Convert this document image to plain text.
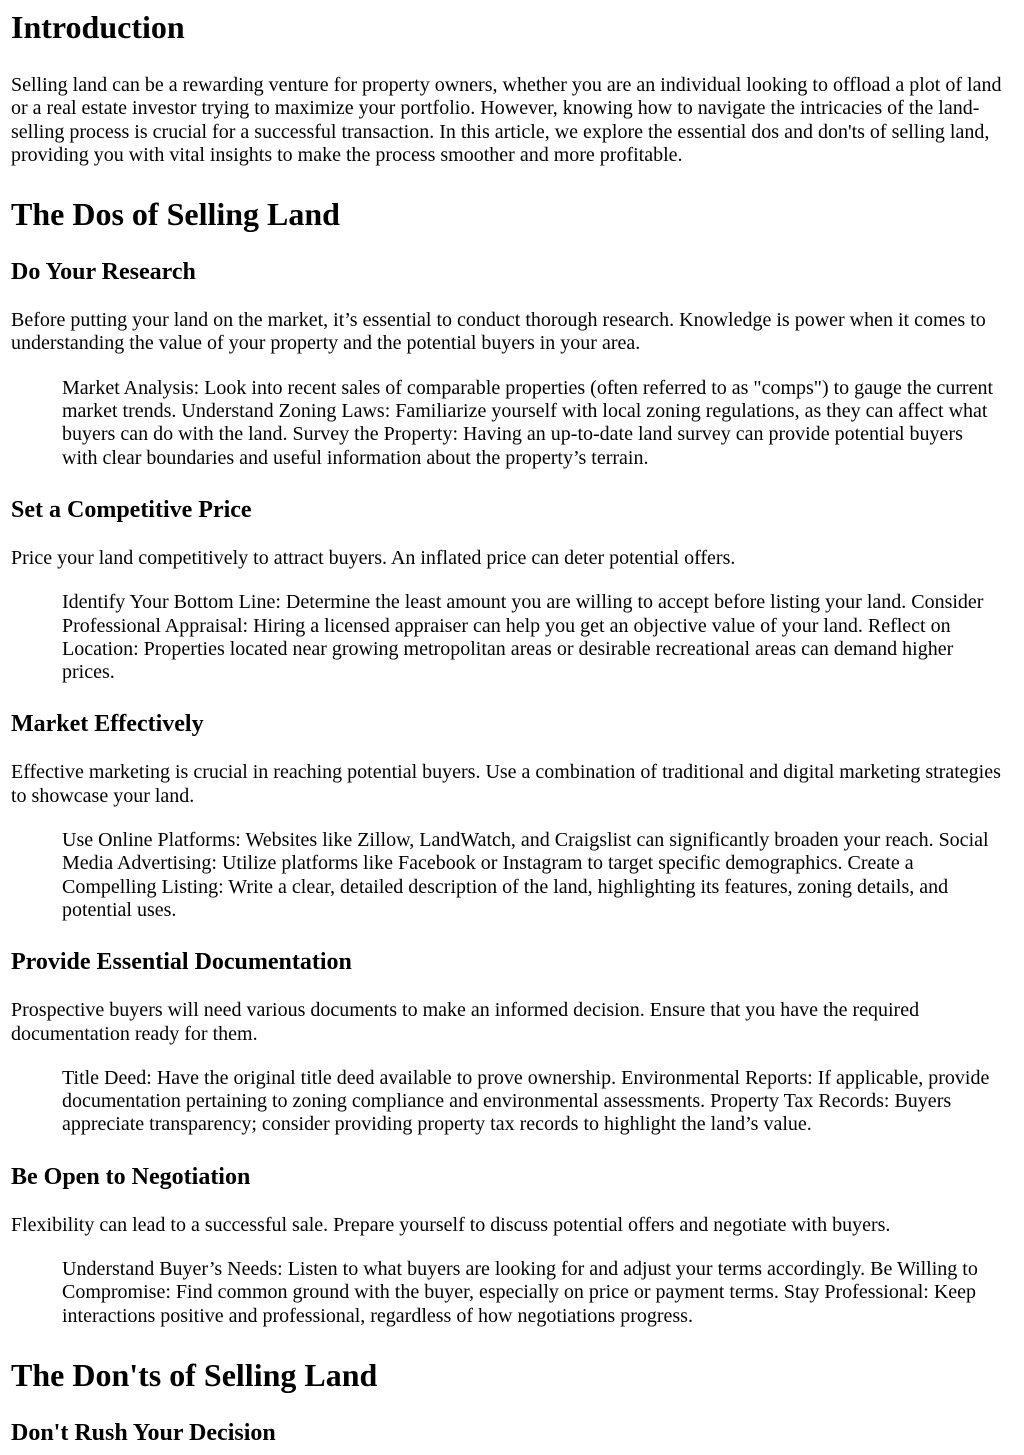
Introduction

Selling land can be a rewarding venture for property owners, whether you are an individual looking to offload a plot of land or a real estate investor trying to maximize your portfolio. However, knowing how to navigate the intricacies of the land-selling process is crucial for a successful transaction. In this article, we explore the essential dos and don'ts of selling land, providing you with vital insights to make the process smoother and more profitable.

The Dos of Selling Land
Do Your Research

Before putting your land on the market, it’s essential to conduct thorough research. Knowledge is power when it comes to understanding the value of your property and the potential buyers in your area.

Market Analysis: Look into recent sales of comparable properties (often referred to as "comps") to gauge the current market trends. Understand Zoning Laws: Familiarize yourself with local zoning regulations, as they can affect what buyers can do with the land. Survey the Property: Having an up-to-date land survey can provide potential buyers with clear boundaries and useful information about the property’s terrain.
Set a Competitive Price

Price your land competitively to attract buyers. An inflated price can deter potential offers.

Identify Your Bottom Line: Determine the least amount you are willing to accept before listing your land. Consider Professional Appraisal: Hiring a licensed appraiser can help you get an objective value of your land. Reflect on Location: Properties located near growing metropolitan areas or desirable recreational areas can demand higher prices.
Market Effectively

Effective marketing is crucial in reaching potential buyers. Use a combination of traditional and digital marketing strategies to showcase your land.

Use Online Platforms: Websites like Zillow, LandWatch, and Craigslist can significantly broaden your reach. Social Media Advertising: Utilize platforms like Facebook or Instagram to target specific demographics. Create a Compelling Listing: Write a clear, detailed description of the land, highlighting its features, zoning details, and potential uses.
Provide Essential Documentation

Prospective buyers will need various documents to make an informed decision. Ensure that you have the required documentation ready for them.

Title Deed: Have the original title deed available to prove ownership. Environmental Reports: If applicable, provide documentation pertaining to zoning compliance and environmental assessments. Property Tax Records: Buyers appreciate transparency; consider providing property tax records to highlight the land’s value.
Be Open to Negotiation

Flexibility can lead to a successful sale. Prepare yourself to discuss potential offers and negotiate with buyers.

Understand Buyer’s Needs: Listen to what buyers are looking for and adjust your terms accordingly. Be Willing to Compromise: Find common ground with the buyer, especially on price or payment terms. Stay Professional: Keep interactions positive and professional, regardless of how negotiations progress.
The Don'ts of Selling Land
Don't Rush Your Decision
